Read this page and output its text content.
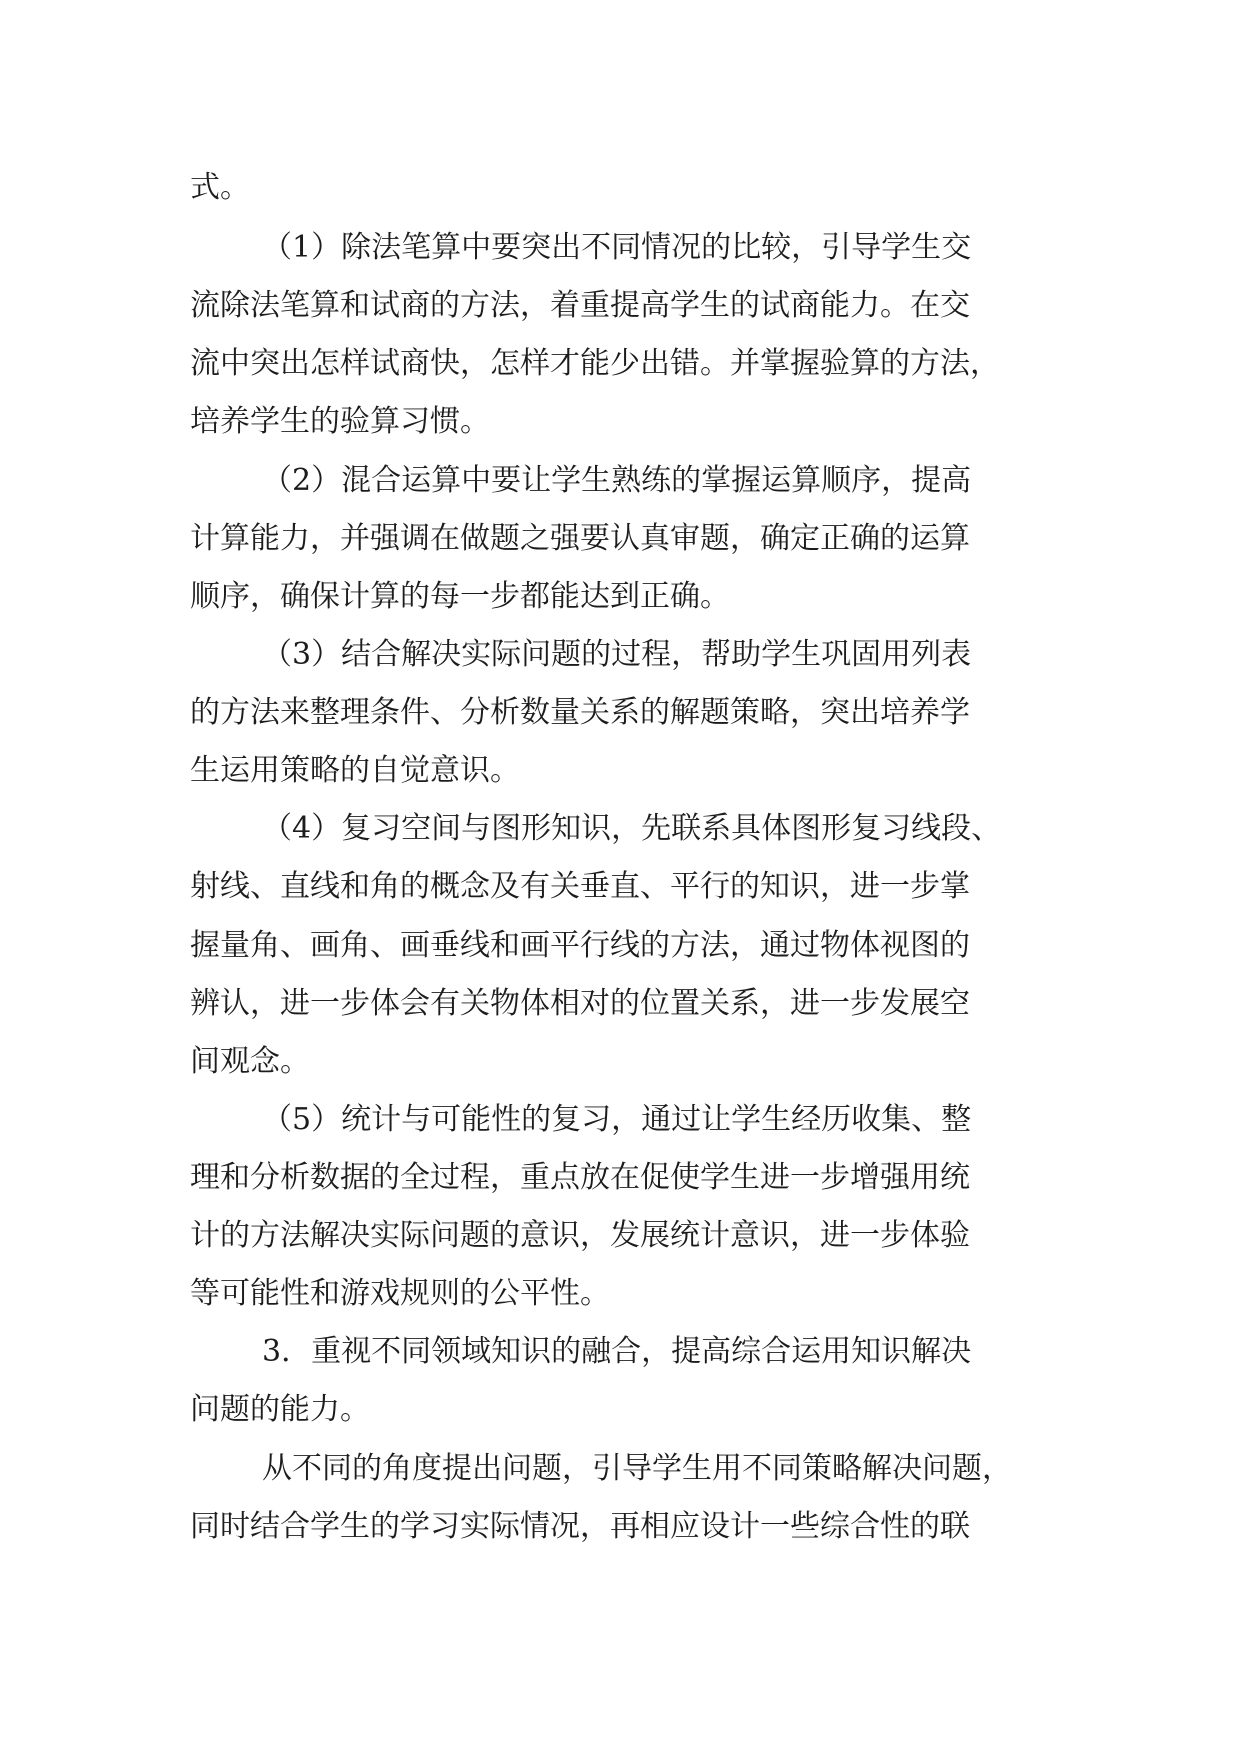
式。
（1）除法笔算中要突出不同情况的比较，引导学生交
流除法笔算和试商的方法，着重提高学生的试商能力。在交
流中突出怎样试商快，怎样才能少出错。并掌握验算的方法，
培养学生的验算习惯。
（2）混合运算中要让学生熟练的掌握运算顺序，提高
计算能力，并强调在做题之强要认真审题，确定正确的运算
顺序，确保计算的每一步都能达到正确。
（3）结合解决实际问题的过程，帮助学生巩固用列表
的方法来整理条件、分析数量关系的解题策略，突出培养学
生运用策略的自觉意识。
（4）复习空间与图形知识，先联系具体图形复习线段、
射线、直线和角的概念及有关垂直、平行的知识，进一步掌
握量角、画角、画垂线和画平行线的方法，通过物体视图的
辨认，进一步体会有关物体相对的位置关系，进一步发展空
间观念。
（5）统计与可能性的复习，通过让学生经历收集、整
理和分析数据的全过程，重点放在促使学生进一步增强用统
计的方法解决实际问题的意识，发展统计意识，进一步体验
等可能性和游戏规则的公平性。
3．重视不同领域知识的融合，提高综合运用知识解决
问题的能力。
从不同的角度提出问题，引导学生用不同策略解决问题，
同时结合学生的学习实际情况，再相应设计一些综合性的联
